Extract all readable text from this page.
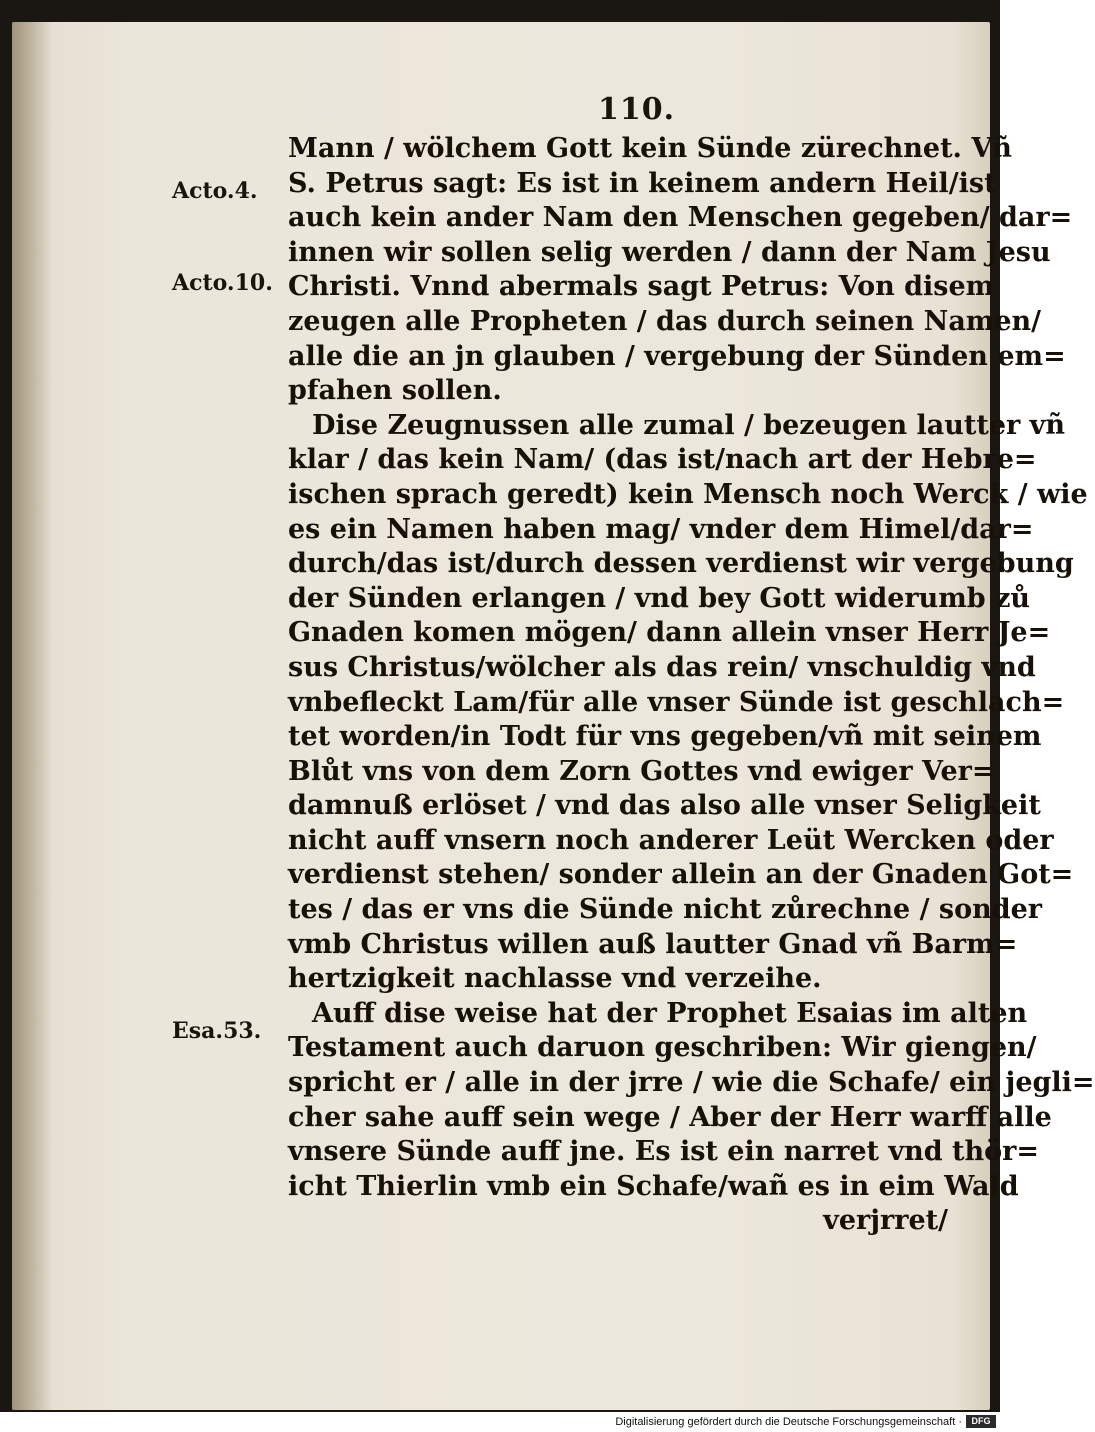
110.
Acto.4.
Acto.10.
Esa.53.
Mann / wölchem Gott kein Sünde zürechnet. Vñ
S. Petrus sagt: Es ist in keinem andern Heil/ist
auch kein ander Nam den Menschen gegeben/ dar=
innen wir sollen selig werden / dann der Nam Jesu
Christi. Vnnd abermals sagt Petrus: Von disem
zeugen alle Propheten / das durch seinen Namen/
alle die an jn glauben / vergebung der Sünden em=
pfahen sollen.
Dise Zeugnussen alle zumal / bezeugen lautter vñ
klar / das kein Nam/ (das ist/nach art der Hebre=
ischen sprach geredt) kein Mensch noch Werck / wie
es ein Namen haben mag/ vnder dem Himel/dar=
durch/das ist/durch dessen verdienst wir vergebung
der Sünden erlangen / vnd bey Gott widerumb zů
Gnaden komen mögen/ dann allein vnser Herr Je=
sus Christus/wölcher als das rein/ vnschuldig vnd
vnbefleckt Lam/für alle vnser Sünde ist geschlach=
tet worden/in Todt für vns gegeben/vñ mit seinem
Blůt vns von dem Zorn Gottes vnd ewiger Ver=
damnuß erlöset / vnd das also alle vnser Seligkeit
nicht auff vnsern noch anderer Leüt Wercken oder
verdienst stehen/ sonder allein an der Gnaden Got=
tes / das er vns die Sünde nicht zůrechne / sonder
vmb Christus willen auß lautter Gnad vñ Barm=
hertzigkeit nachlasse vnd verzeihe.
Auff dise weise hat der Prophet Esaias im alten
Testament auch daruon geschriben: Wir giengen/
spricht er / alle in der jrre / wie die Schafe/ ein jegli=
cher sahe auff sein wege / Aber der Herr warff alle
vnsere Sünde auff jne. Es ist ein narret vnd thör=
icht Thierlin vmb ein Schafe/wañ es in eim Wald
verjrret/
Digitalisierung gefördert durch die Deutsche Forschungsgemeinschaft ·	DFG
